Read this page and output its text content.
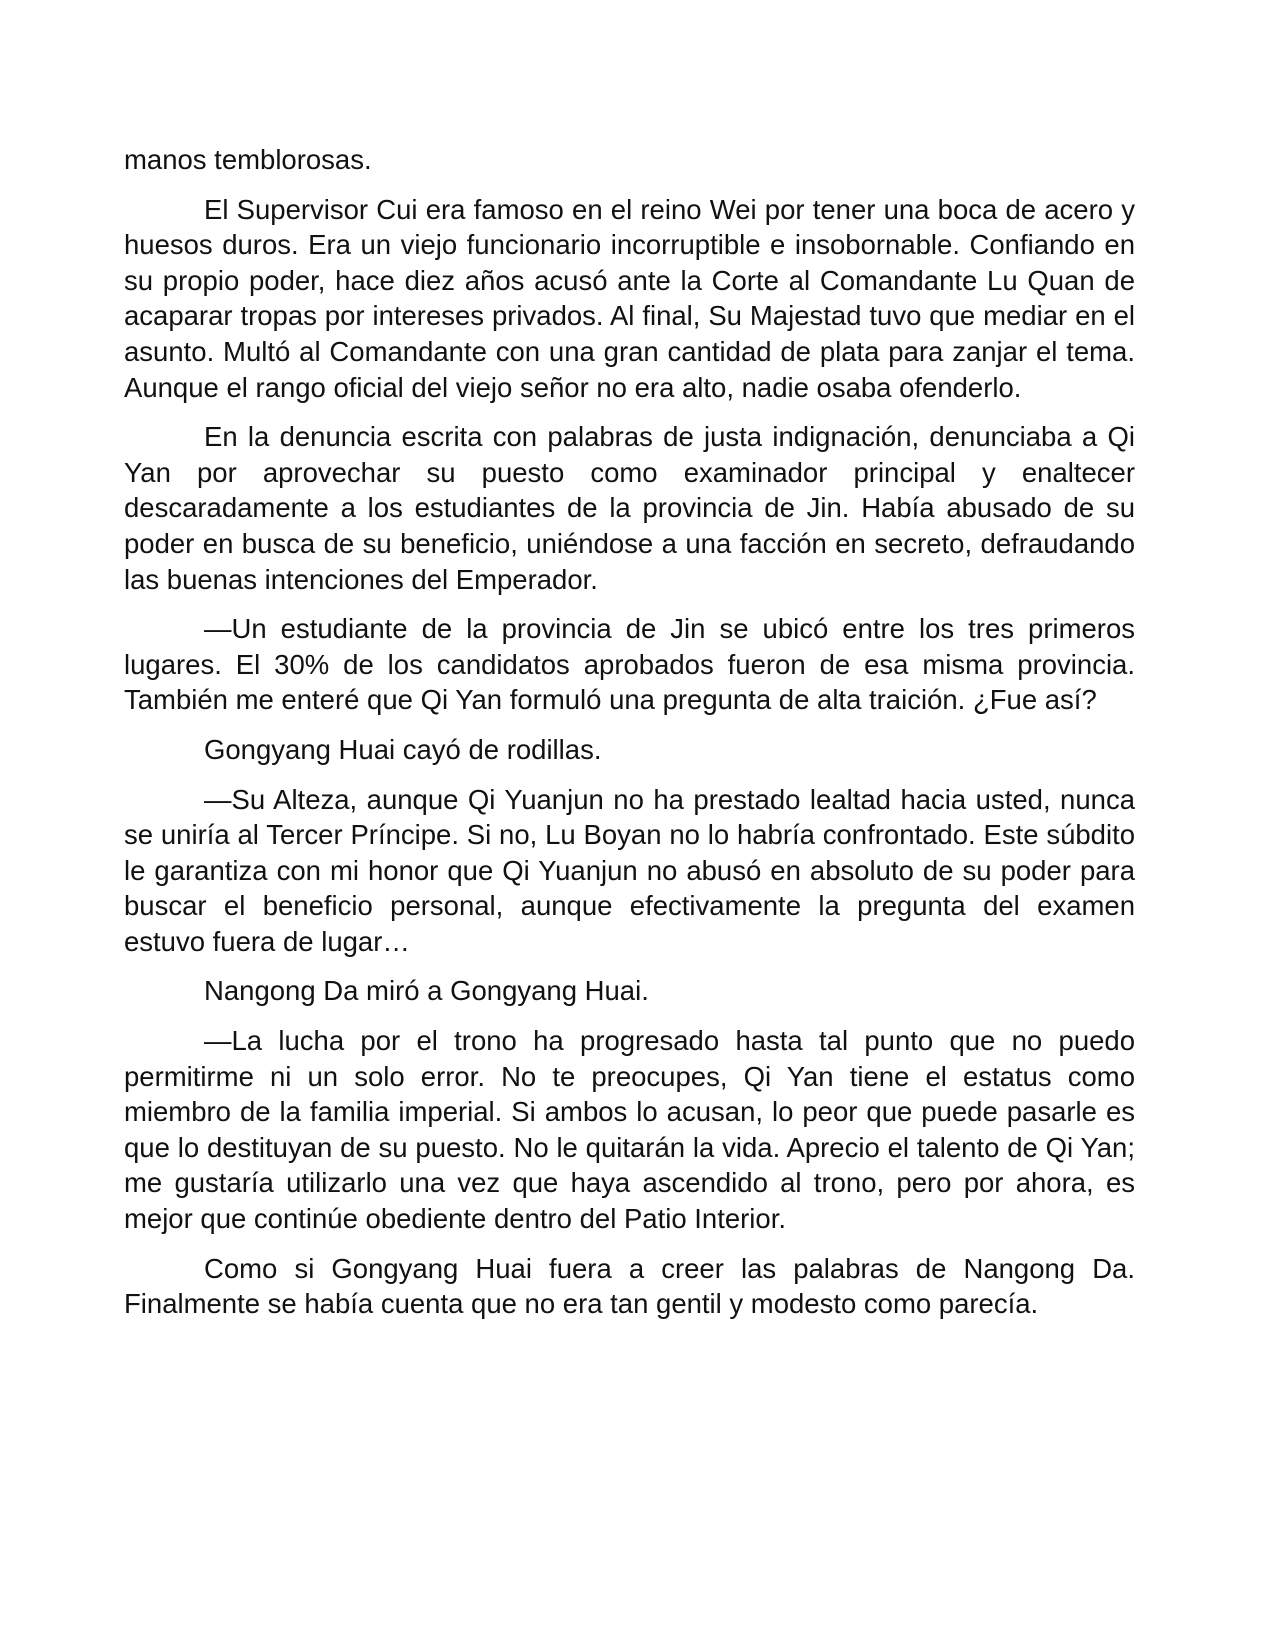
manos temblorosas.

El Supervisor Cui era famoso en el reino Wei por tener una boca de acero y huesos duros. Era un viejo funcionario incorruptible e insobornable. Confiando en su propio poder, hace diez años acusó ante la Corte al Comandante Lu Quan de acaparar tropas por intereses privados. Al final, Su Majestad tuvo que mediar en el asunto. Multó al Comandante con una gran cantidad de plata para zanjar el tema. Aunque el rango oficial del viejo señor no era alto, nadie osaba ofenderlo.

En la denuncia escrita con palabras de justa indignación, denunciaba a Qi Yan por aprovechar su puesto como examinador principal y enaltecer descaradamente a los estudiantes de la provincia de Jin. Había abusado de su poder en busca de su beneficio, uniéndose a una facción en secreto, defraudando las buenas intenciones del Emperador.

—Un estudiante de la provincia de Jin se ubicó entre los tres primeros lugares. El 30% de los candidatos aprobados fueron de esa misma provincia. También me enteré que Qi Yan formuló una pregunta de alta traición. ¿Fue así?

Gongyang Huai cayó de rodillas.

—Su Alteza, aunque Qi Yuanjun no ha prestado lealtad hacia usted, nunca se uniría al Tercer Príncipe. Si no, Lu Boyan no lo habría confrontado. Este súbdito le garantiza con mi honor que Qi Yuanjun no abusó en absoluto de su poder para buscar el beneficio personal, aunque efectivamente la pregunta del examen estuvo fuera de lugar…

Nangong Da miró a Gongyang Huai.

—La lucha por el trono ha progresado hasta tal punto que no puedo permitirme ni un solo error. No te preocupes, Qi Yan tiene el estatus como miembro de la familia imperial. Si ambos lo acusan, lo peor que puede pasarle es que lo destituyan de su puesto. No le quitarán la vida. Aprecio el talento de Qi Yan; me gustaría utilizarlo una vez que haya ascendido al trono, pero por ahora, es mejor que continúe obediente dentro del Patio Interior.

Como si Gongyang Huai fuera a creer las palabras de Nangong Da. Finalmente se había cuenta que no era tan gentil y modesto como parecía.
